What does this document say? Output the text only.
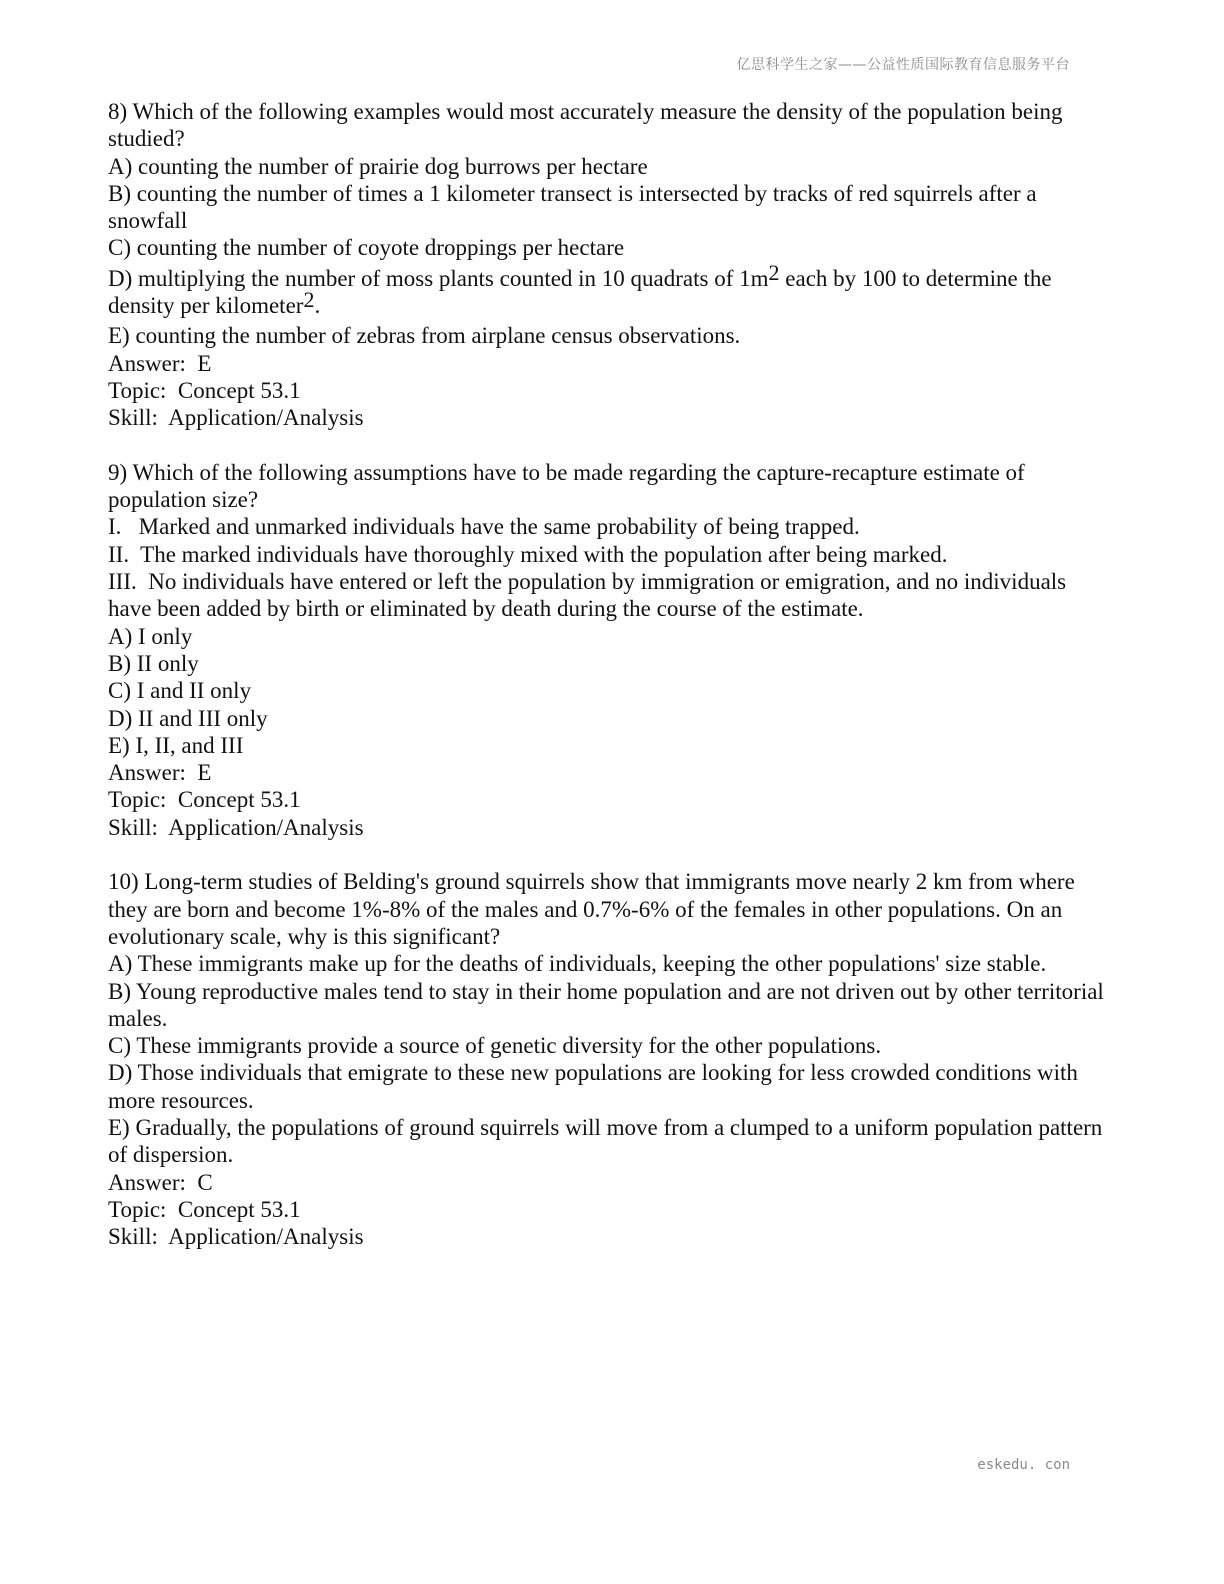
亿思科学生之家——公益性质国际教育信息服务平台
8) Which of the following examples would most accurately measure the density of the population being studied?
A) counting the number of prairie dog burrows per hectare
B) counting the number of times a 1 kilometer transect is intersected by tracks of red squirrels after a snowfall
C) counting the number of coyote droppings per hectare
D) multiplying the number of moss plants counted in 10 quadrats of $1m^2$ each by 100 to determine the density per kilometer$^2$.
E) counting the number of zebras from airplane census observations.
Answer:  E
Topic:  Concept 53.1
Skill:  Application/Analysis
9) Which of the following assumptions have to be made regarding the capture-recapture estimate of population size?
I.   Marked and unmarked individuals have the same probability of being trapped.
II.  The marked individuals have thoroughly mixed with the population after being marked.
III.  No individuals have entered or left the population by immigration or emigration, and no individuals have been added by birth or eliminated by death during the course of the estimate.
A) I only
B) II only
C) I and II only
D) II and III only
E) I, II, and III
Answer:  E
Topic:  Concept 53.1
Skill:  Application/Analysis
10) Long-term studies of Belding's ground squirrels show that immigrants move nearly 2 km from where they are born and become 1%-8% of the males and 0.7%-6% of the females in other populations. On an evolutionary scale, why is this significant?
A) These immigrants make up for the deaths of individuals, keeping the other populations' size stable.
B) Young reproductive males tend to stay in their home population and are not driven out by other territorial males.
C) These immigrants provide a source of genetic diversity for the other populations.
D) Those individuals that emigrate to these new populations are looking for less crowded conditions with more resources.
E) Gradually, the populations of ground squirrels will move from a clumped to a uniform population pattern of dispersion.
Answer:  C
Topic:  Concept 53.1
Skill:  Application/Analysis
eskedu. con
